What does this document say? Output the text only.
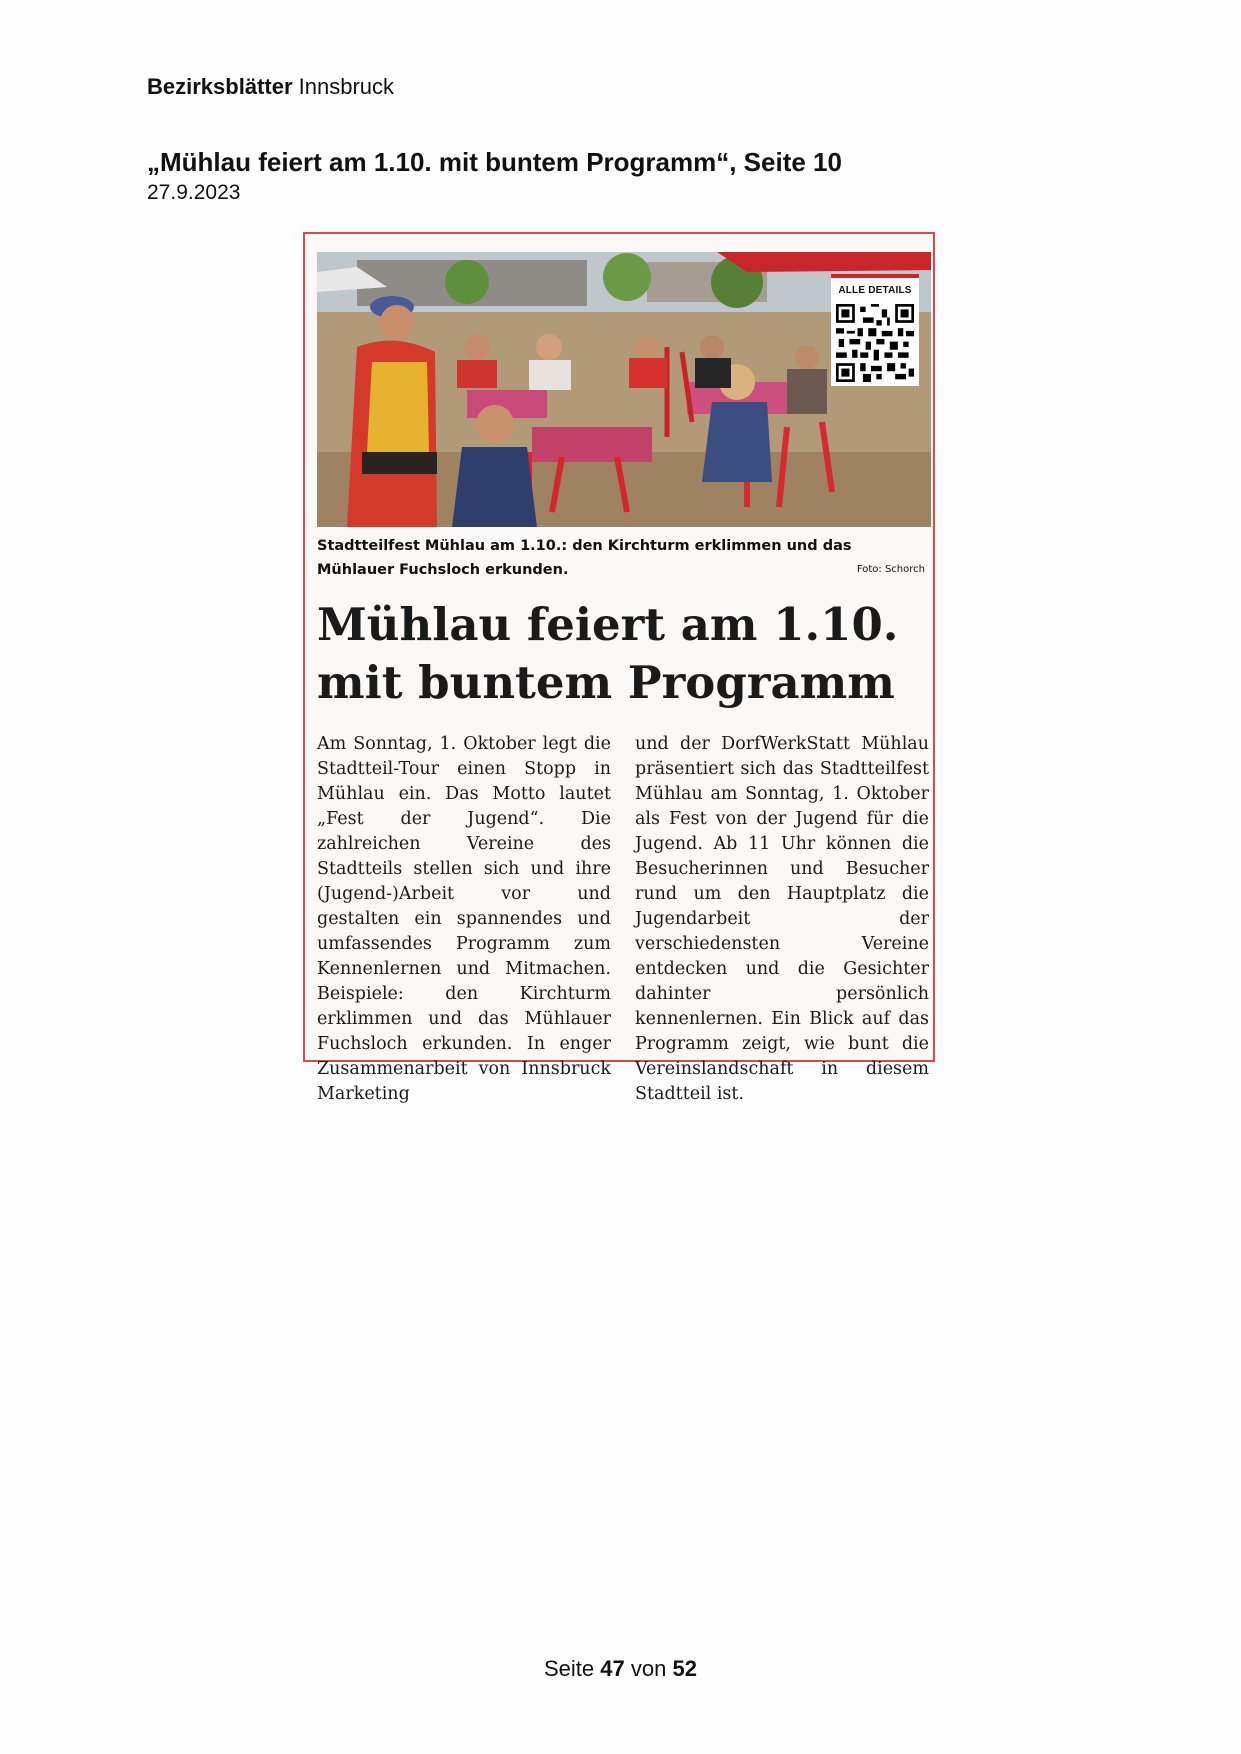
Bezirksblätter Innsbruck
„Mühlau feiert am 1.10. mit buntem Programm“, Seite 10
27.9.2023
ALLE DETAILS
Stadtteilfest Mühlau am 1.10.: den Kirchturm erklimmen und das Mühlauer Fuchsloch erkunden.	Foto: Schorch
Mühlau feiert am 1.10. mit buntem Programm
Am Sonntag, 1. Oktober legt die Stadtteil-Tour einen Stopp in Mühlau ein. Das Motto lautet „Fest der Jugend“. Die zahlreichen Vereine des Stadtteils stellen sich und ihre (Jugend-)Arbeit vor und gestalten ein spannendes und umfassendes Programm zum Kennenlernen und Mitmachen. Beispiele: den Kirchturm erklimmen und das Mühlauer Fuchsloch erkunden. In enger Zusammenarbeit von Innsbruck Marketing
und der DorfWerkStatt Mühlau präsentiert sich das Stadtteilfest Mühlau am Sonntag, 1. Oktober als Fest von der Jugend für die Jugend. Ab 11 Uhr können die Besucherinnen und Besucher rund um den Hauptplatz die Jugendarbeit der verschiedensten Vereine entdecken und die Gesichter dahinter persönlich kennenlernen. Ein Blick auf das Programm zeigt, wie bunt die Vereinslandschaft in diesem Stadtteil ist.
Seite 47 von 52
